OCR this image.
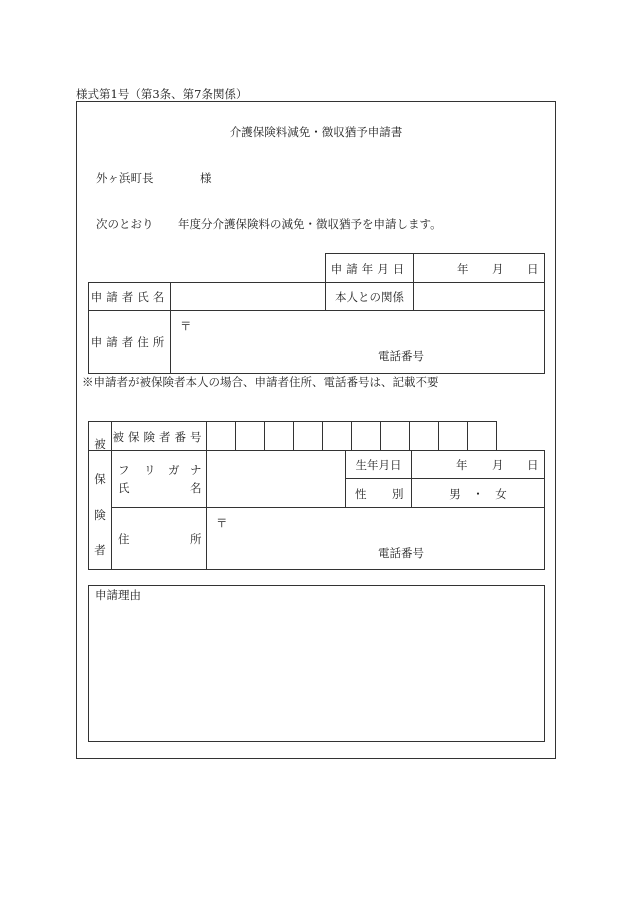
様式第1号（第3条、第7条関係）
介護保険料減免・徴収猶予申請書
外ヶ浜町長	様
次のとおり 年度分介護保険料の減免・徴収猶予を申請します。
申請年月日	年 月 日
申請者氏名	本人との関係
申請者住所
〒
電話番号
※申請者が被保険者本人の場合、申請者住所、電話番号は、記載不要
被
保
険
者
被保険者番号
フ リ ガ ナ
氏	名
生年月日	年 月 日
性 別	男　・　女
住	所
〒
電話番号
申請理由
